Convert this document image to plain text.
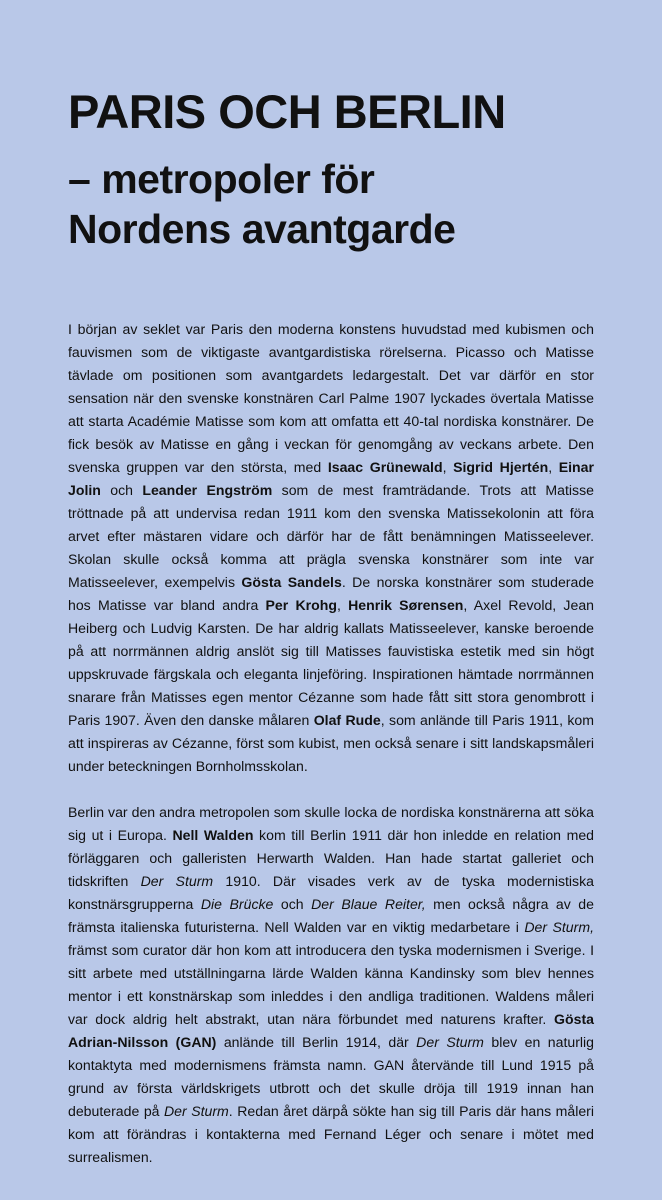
PARIS OCH BERLIN
– metropoler för
Nordens avantgarde

I början av seklet var Paris den moderna konstens huvudstad med kubismen och fauvismen som de viktigaste avantgardistiska rörelserna. Picasso och Matisse tävlade om positionen som avantgardets ledargestalt. Det var därför en stor sensation när den svenske konstnären Carl Palme 1907 lyckades övertala Matisse att starta Académie Matisse som kom att omfatta ett 40-tal nordiska konstnärer. De fick besök av Matisse en gång i veckan för genomgång av veckans arbete. Den svenska gruppen var den största, med Isaac Grünewald, Sigrid Hjertén, Einar Jolin och Leander Engström som de mest framträdande. Trots att Matisse tröttnade på att undervisa redan 1911 kom den svenska Matissekolonin att föra arvet efter mästaren vidare och därför har de fått benämningen Matisseelever. Skolan skulle också komma att prägla svenska konstnärer som inte var Matisseelever, exempelvis Gösta Sandels. De norska konstnärer som studerade hos Matisse var bland andra Per Krohg, Henrik Sørensen, Axel Revold, Jean Heiberg och Ludvig Karsten. De har aldrig kallats Matisseelever, kanske beroende på att norrmännen aldrig anslöt sig till Matisses fauvistiska estetik med sin högt uppskruvade färgskala och eleganta linjeföring. Inspirationen hämtade norrmännen snarare från Matisses egen mentor Cézanne som hade fått sitt stora genombrott i Paris 1907. Även den danske målaren Olaf Rude, som anlände till Paris 1911, kom att inspireras av Cézanne, först som kubist, men också senare i sitt landskapsmåleri under beteckningen Bornholmsskolan.

Berlin var den andra metropolen som skulle locka de nordiska konstnärerna att söka sig ut i Europa. Nell Walden kom till Berlin 1911 där hon inledde en relation med förläggaren och galleristen Herwarth Walden. Han hade startat galleriet och tidskriften Der Sturm 1910. Där visades verk av de tyska modernistiska konstnärsgrupperna Die Brücke och Der Blaue Reiter, men också några av de främsta italienska futuristerna. Nell Walden var en viktig medarbetare i Der Sturm, främst som curator där hon kom att introducera den tyska modernismen i Sverige. I sitt arbete med utställningarna lärde Walden känna Kandinsky som blev hennes mentor i ett konstnärskap som inleddes i den andliga traditionen. Waldens måleri var dock aldrig helt abstrakt, utan nära förbundet med naturens krafter. Gösta Adrian-Nilsson (GAN) anlände till Berlin 1914, där Der Sturm blev en naturlig kontaktyta med modernismens främsta namn. GAN återvände till Lund 1915 på grund av första världskrigets utbrott och det skulle dröja till 1919 innan han debuterade på Der Sturm. Redan året därpå sökte han sig till Paris där hans måleri kom att förändras i kontakterna med Fernand Léger och senare i mötet med surrealismen.
